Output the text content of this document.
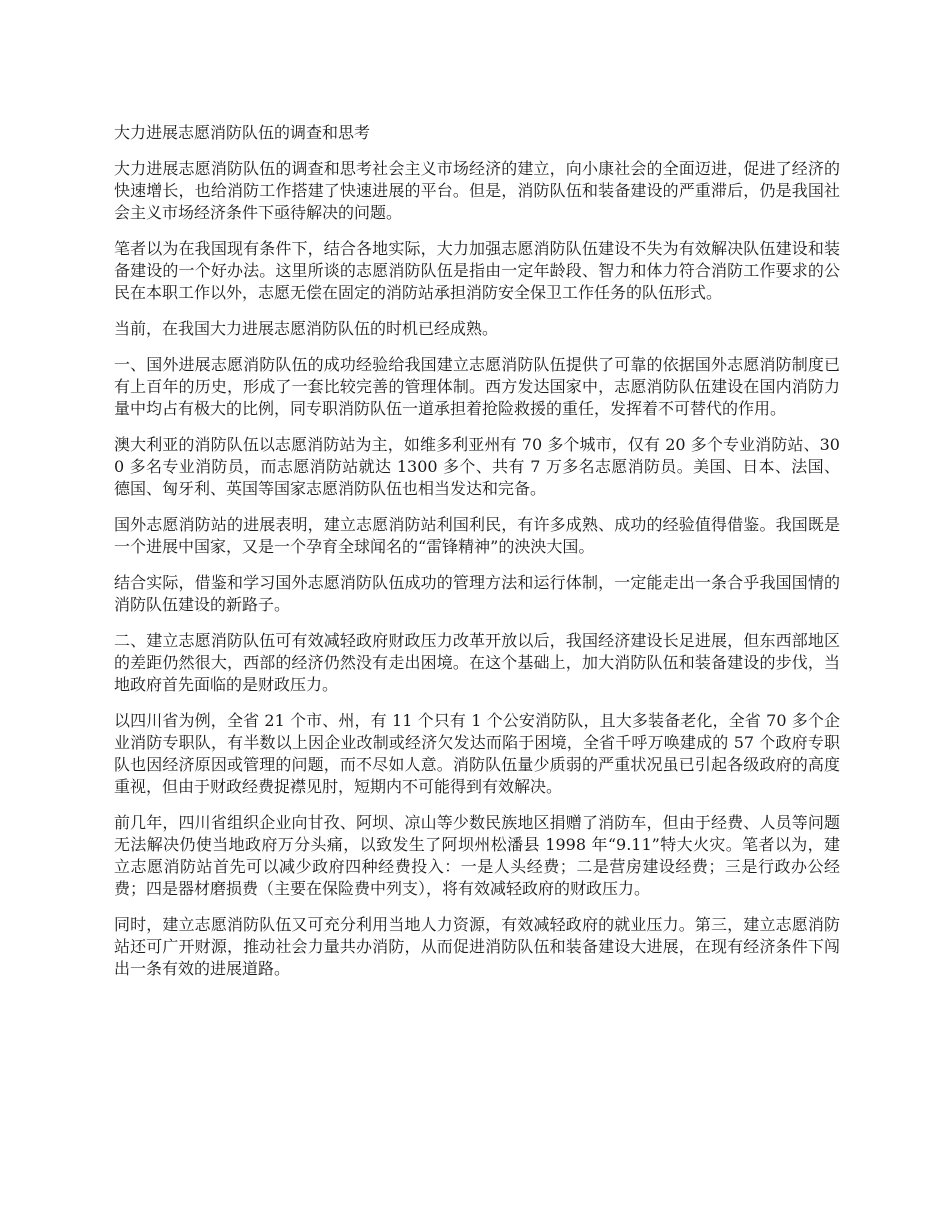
大力进展志愿消防队伍的调查和思考

大力进展志愿消防队伍的调查和思考社会主义市场经济的建立，向小康社会的全面迈进，促进了经济的快速增长，也给消防工作搭建了快速进展的平台。但是，消防队伍和装备建设的严重滞后，仍是我国社会主义市场经济条件下亟待解决的问题。

笔者以为在我国现有条件下，结合各地实际，大力加强志愿消防队伍建设不失为有效解决队伍建设和装备建设的一个好办法。这里所谈的志愿消防队伍是指由一定年龄段、智力和体力符合消防工作要求的公民在本职工作以外，志愿无偿在固定的消防站承担消防安全保卫工作任务的队伍形式。

当前，在我国大力进展志愿消防队伍的时机已经成熟。

一、国外进展志愿消防队伍的成功经验给我国建立志愿消防队伍提供了可靠的依据国外志愿消防制度已有上百年的历史，形成了一套比较完善的管理体制。西方发达国家中，志愿消防队伍建设在国内消防力量中均占有极大的比例，同专职消防队伍一道承担着抢险救援的重任，发挥着不可替代的作用。

澳大利亚的消防队伍以志愿消防站为主，如维多利亚州有 70 多个城市，仅有 20 多个专业消防站、300 多名专业消防员，而志愿消防站就达 1300 多个、共有 7 万多名志愿消防员。美国、日本、法国、德国、匈牙利、英国等国家志愿消防队伍也相当发达和完备。

国外志愿消防站的进展表明，建立志愿消防站利国利民，有许多成熟、成功的经验值得借鉴。我国既是一个进展中国家，又是一个孕育全球闻名的“雷锋精神”的泱泱大国。

结合实际，借鉴和学习国外志愿消防队伍成功的管理方法和运行体制，一定能走出一条合乎我国国情的消防队伍建设的新路子。

二、建立志愿消防队伍可有效减轻政府财政压力改革开放以后，我国经济建设长足进展，但东西部地区的差距仍然很大，西部的经济仍然没有走出困境。在这个基础上，加大消防队伍和装备建设的步伐，当地政府首先面临的是财政压力。

以四川省为例，全省 21 个市、州，有 11 个只有 1 个公安消防队，且大多装备老化，全省 70 多个企业消防专职队，有半数以上因企业改制或经济欠发达而陷于困境，全省千呼万唤建成的 57 个政府专职队也因经济原因或管理的问题，而不尽如人意。消防队伍量少质弱的严重状况虽已引起各级政府的高度重视，但由于财政经费捉襟见肘，短期内不可能得到有效解决。

前几年，四川省组织企业向甘孜、阿坝、凉山等少数民族地区捐赠了消防车，但由于经费、人员等问题无法解决仍使当地政府万分头痛，以致发生了阿坝州松潘县 1998 年“9.11”特大火灾。笔者以为，建立志愿消防站首先可以减少政府四种经费投入：一是人头经费；二是营房建设经费；三是行政办公经费；四是器材磨损费（主要在保险费中列支），将有效减轻政府的财政压力。

同时，建立志愿消防队伍又可充分利用当地人力资源，有效减轻政府的就业压力。第三，建立志愿消防站还可广开财源，推动社会力量共办消防，从而促进消防队伍和装备建设大进展，在现有经济条件下闯出一条有效的进展道路。
